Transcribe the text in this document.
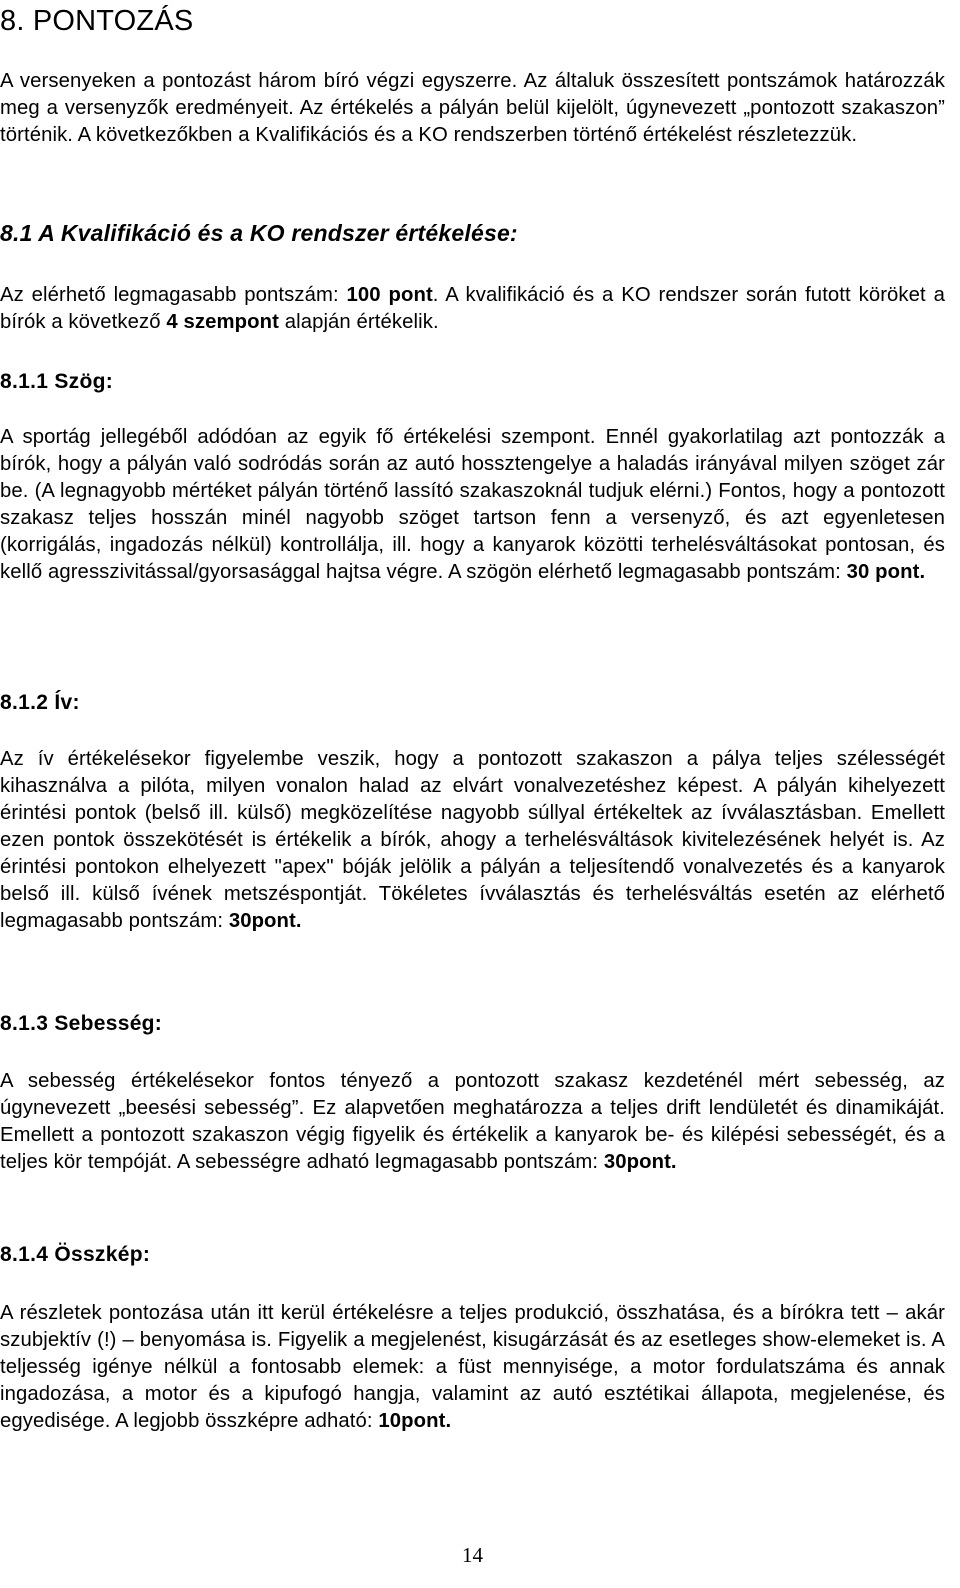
8. PONTOZÁS

A versenyeken a pontozást három bíró végzi egyszerre. Az általuk összesített pontszámok határozzák meg a versenyzők eredményeit. Az értékelés a pályán belül kijelölt, úgynevezett „pontozott szakaszon” történik. A következőkben a Kvalifikációs és a KO rendszerben történő értékelést részletezzük.

8.1 A Kvalifikáció és a KO rendszer értékelése:

Az elérhető legmagasabb pontszám: 100 pont. A kvalifikáció és a KO rendszer során futott köröket a bírók a következő 4 szempont alapján értékelik.

8.1.1 Szög:

A sportág jellegéből adódóan az egyik fő értékelési szempont. Ennél gyakorlatilag azt pontozzák a bírók, hogy a pályán való sodródás során az autó hossztengelye a haladás irányával milyen szöget zár be. (A legnagyobb mértéket pályán történő lassító szakaszoknál tudjuk elérni.) Fontos, hogy a pontozott szakasz teljes hosszán minél nagyobb szöget tartson fenn a versenyző, és azt egyenletesen (korrigálás, ingadozás nélkül) kontrollálja, ill. hogy a kanyarok közötti terhelésváltásokat pontosan, és kellő agresszivitással/gyorsasággal hajtsa végre. A szögön elérhető legmagasabb pontszám: 30 pont.

8.1.2 Ív:

Az ív értékelésekor figyelembe veszik, hogy a pontozott szakaszon a pálya teljes szélességét kihasználva a pilóta, milyen vonalon halad az elvárt vonalvezetéshez képest. A pályán kihelyezett érintési pontok (belső ill. külső) megközelítése nagyobb súllyal értékeltek az ívválasztásban. Emellett ezen pontok összekötését is értékelik a bírók, ahogy a terhelésváltások kivitelezésének helyét is. Az érintési pontokon elhelyezett "apex" bóják jelölik a pályán a teljesítendő vonalvezetés és a kanyarok belső ill. külső ívének metszéspontját. Tökéletes ívválasztás és terhelésváltás esetén az elérhető legmagasabb pontszám: 30pont.

8.1.3 Sebesség:

A sebesség értékelésekor fontos tényező a pontozott szakasz kezdeténél mért sebesség, az úgynevezett „beesési sebesség”. Ez alapvetően meghatározza a teljes drift lendületét és dinamikáját. Emellett a pontozott szakaszon végig figyelik és értékelik a kanyarok be- és kilépési sebességét, és a teljes kör tempóját. A sebességre adható legmagasabb pontszám: 30pont.

8.1.4 Összkép:

A részletek pontozása után itt kerül értékelésre a teljes produkció, összhatása, és a bírókra tett – akár szubjektív (!) – benyomása is. Figyelik a megjelenést, kisugárzását és az esetleges show-elemeket is. A teljesség igénye nélkül a fontosabb elemek: a füst mennyisége, a motor fordulatszáma és annak ingadozása, a motor és a kipufogó hangja, valamint az autó esztétikai állapota, megjelenése, és egyedisége. A legjobb összképre adható: 10pont.

14
